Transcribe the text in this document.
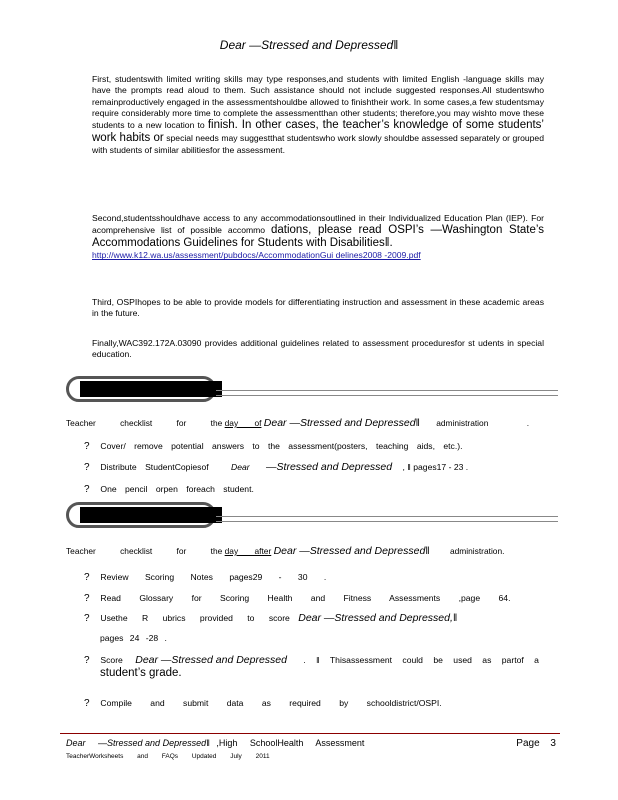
Dear —Stressed and Depressed‖
First, studentswith limited writing skills may type responses,and students with limited English -language skills may have the prompts read aloud to them. Such assistance should not include suggested responses.All studentswho remainproductively engaged in the assessmentshouldbe allowed to finishtheir work. In some cases,a few studentsmay require considerably more time to complete the assessmentthan other students; therefore,you may wishto move these students to a new location to finish. In other cases, the teacher’s knowledge of some students’ work habits or special needs may suggestthat studentswho work slowly shouldbe assessed separately or grouped with students of similar abilitiesfor the assessment.
Second,studentsshouldhave access to any accommodationsoutlined in their Individualized Education Plan (IEP). For acomprehensive list of possible accommo dations, please read OSPI’s —Washington State’s Accommodations Guidelines for Students with Disabilities‖.
http://www.k12.wa.us/assessment/pubdocs/AccommodationGui delines2008 -2009.pdf
Third, OSPIhopes to be able to provide models for differentiating instruction and assessment in these academic areas in the future.
Finally,WAC392.172A.03090 provides additional guidelines related to assessment proceduresfor st udents in special education.
Teacher checklist for the day of Dear —Stressed and Depressed‖ administration	.
? Cover/ remove potential answers to the assessment(posters, teaching aids, etc.).
? Distribute StudentCopiesof	Dear —Stressed and Depressed , ‖ pages17 - 23 .
? One pencil orpen foreach student.
Teacher checklist for the day after Dear —Stressed and Depressed‖ administration.
? Review Scoring Notes pages29 - 30 .
? Read Glossary for Scoring Health and Fitness Assessments ,page 64.
? Usethe R ubrics provided to score Dear —Stressed and Depressed,‖
pages 24 -28 .
? Score Dear —Stressed and Depressed . ‖ Thisassessment could be used as partof a
student’s grade.
? Compile and submit data as required by schooldistrict/OSPI.
Dear —Stressed and Depressed‖ ,High SchoolHealth Assessment	Page 3
TeacherWorksheets and FAQs Updated July 2011
